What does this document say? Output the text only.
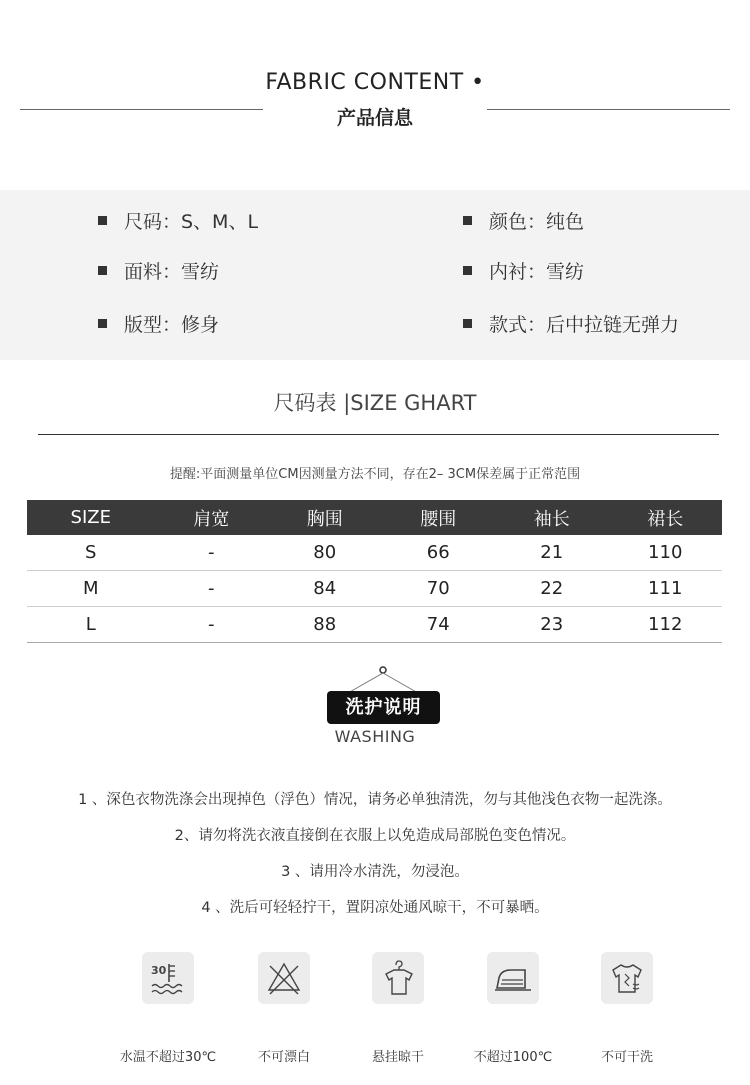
FABRIC CONTENT •
产品信息
尺码：S、M、L
面料：雪纺
版型：修身
颜色：纯色
内衬：雪纺
款式：后中拉链无弹力
尺码表 |SIZE GHART
提醒:平面测量单位CM因测量方法不同，存在2– 3CM保差属于正常范围
SIZE	肩宽	胸围	腰围	袖长	裙长
S	-	80	66	21	110
M	-	84	70	22	111
L	-	88	74	23	112
洗护说明
WASHING
1 、深色衣物洗涤会出现掉色（浮色）情况，请务必单独清洗，勿与其他浅色衣物一起洗涤。
2、请勿将洗衣液直接倒在衣服上以免造成局部脱色变色情况。
3 、请用冷水清洗，勿浸泡。
4 、洗后可轻轻拧干，置阴凉处通风晾干，不可暴晒。
30
水温不超过30℃	不可漂白	悬挂晾干	不超过100℃	不可干洗
